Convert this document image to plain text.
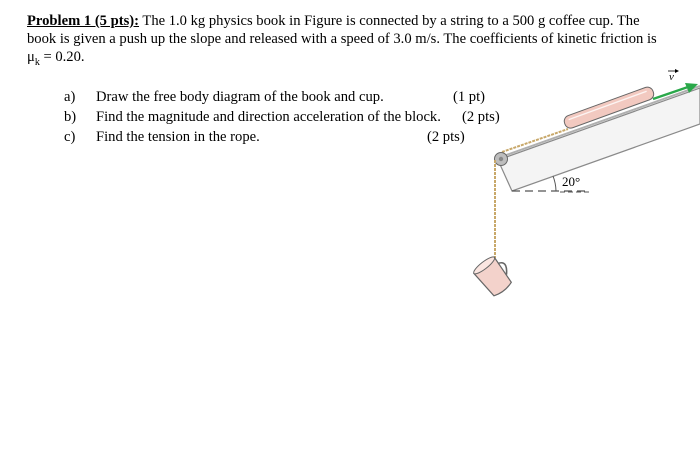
Problem 1 (5 pts): The 1.0 kg physics book in Figure is connected by a string to a 500 g coffee cup. The book is given a push up the slope and released with a speed of 3.0 m/s. The coefficients of kinetic friction is $\mu_k = 0.20$.
a) Draw the free body diagram of the book and cup.	(1 pt)
b) Find the magnitude and direction acceleration of the block. (2 pts)
c) Find the tension in the rope.	(2 pts)
20°
v
